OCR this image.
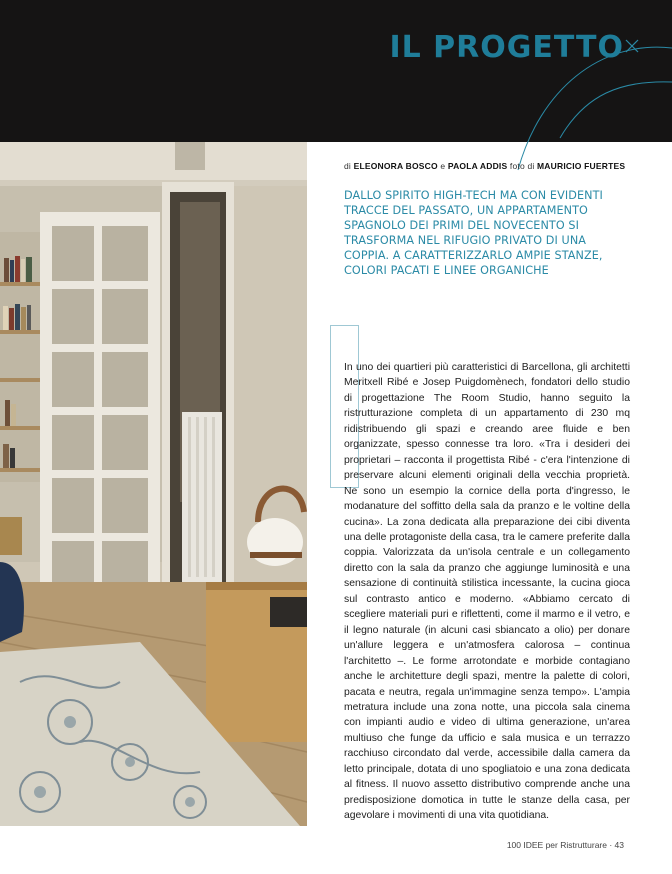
IL PROGETTO
di ELEONORA BOSCO e PAOLA ADDIS foto di MAURICIO FUERTES

DALLO SPIRITO HIGH-TECH MA CON EVIDENTI TRACCE DEL PASSATO, UN APPARTAMENTO SPAGNOLO DEI PRIMI DEL NOVECENTO SI TRASFORMA NEL RIFUGIO PRIVATO DI UNA COPPIA. A CARATTERIZZARLO AMPIE STANZE, COLORI PACATI E LINEE ORGANICHE

In uno dei quartieri più caratteristici di Barcellona, gli architetti Meritxell Ribé e Josep Puigdomènech, fondatori dello studio di progettazione The Room Studio, hanno seguito la ristrutturazione completa di un appartamento di 230 mq ridistribuendo gli spazi e creando aree fluide e ben organizzate, spesso connesse tra loro. «Tra i desideri dei proprietari – racconta il progettista Ribé - c'era l'intenzione di preservare alcuni elementi originali della vecchia proprietà. Ne sono un esempio la cornice della porta d'ingresso, le modanature del soffitto della sala da pranzo e le voltine della cucina». La zona dedicata alla preparazione dei cibi diventa una delle protagoniste della casa, tra le camere preferite dalla coppia. Valorizzata da un'isola centrale e un collegamento diretto con la sala da pranzo che aggiunge luminosità e una sensazione di continuità stilistica incessante, la cucina gioca sul contrasto antico e moderno. «Abbiamo cercato di scegliere materiali puri e riflettenti, come il marmo e il vetro, e il legno naturale (in alcuni casi sbiancato a olio) per donare un'allure leggera e un'atmosfera calorosa – continua l'architetto –. Le forme arrotondate e morbide contagiano anche le architetture degli spazi, mentre la palette di colori, pacata e neutra, regala un'immagine senza tempo». L'ampia metratura include una zona notte, una piccola sala cinema con impianti audio e video di ultima generazione, un'area multiuso che funge da ufficio e sala musica e un terrazzo racchiuso circondato dal verde, accessibile dalla camera da letto principale, dotata di uno spogliatoio e una zona dedicata al fitness. Il nuovo assetto distributivo comprende anche una predisposizione domotica in tutte le stanze della casa, per agevolare i movimenti di una vita quotidiana.

100 IDEE per Ristrutturare · 43
